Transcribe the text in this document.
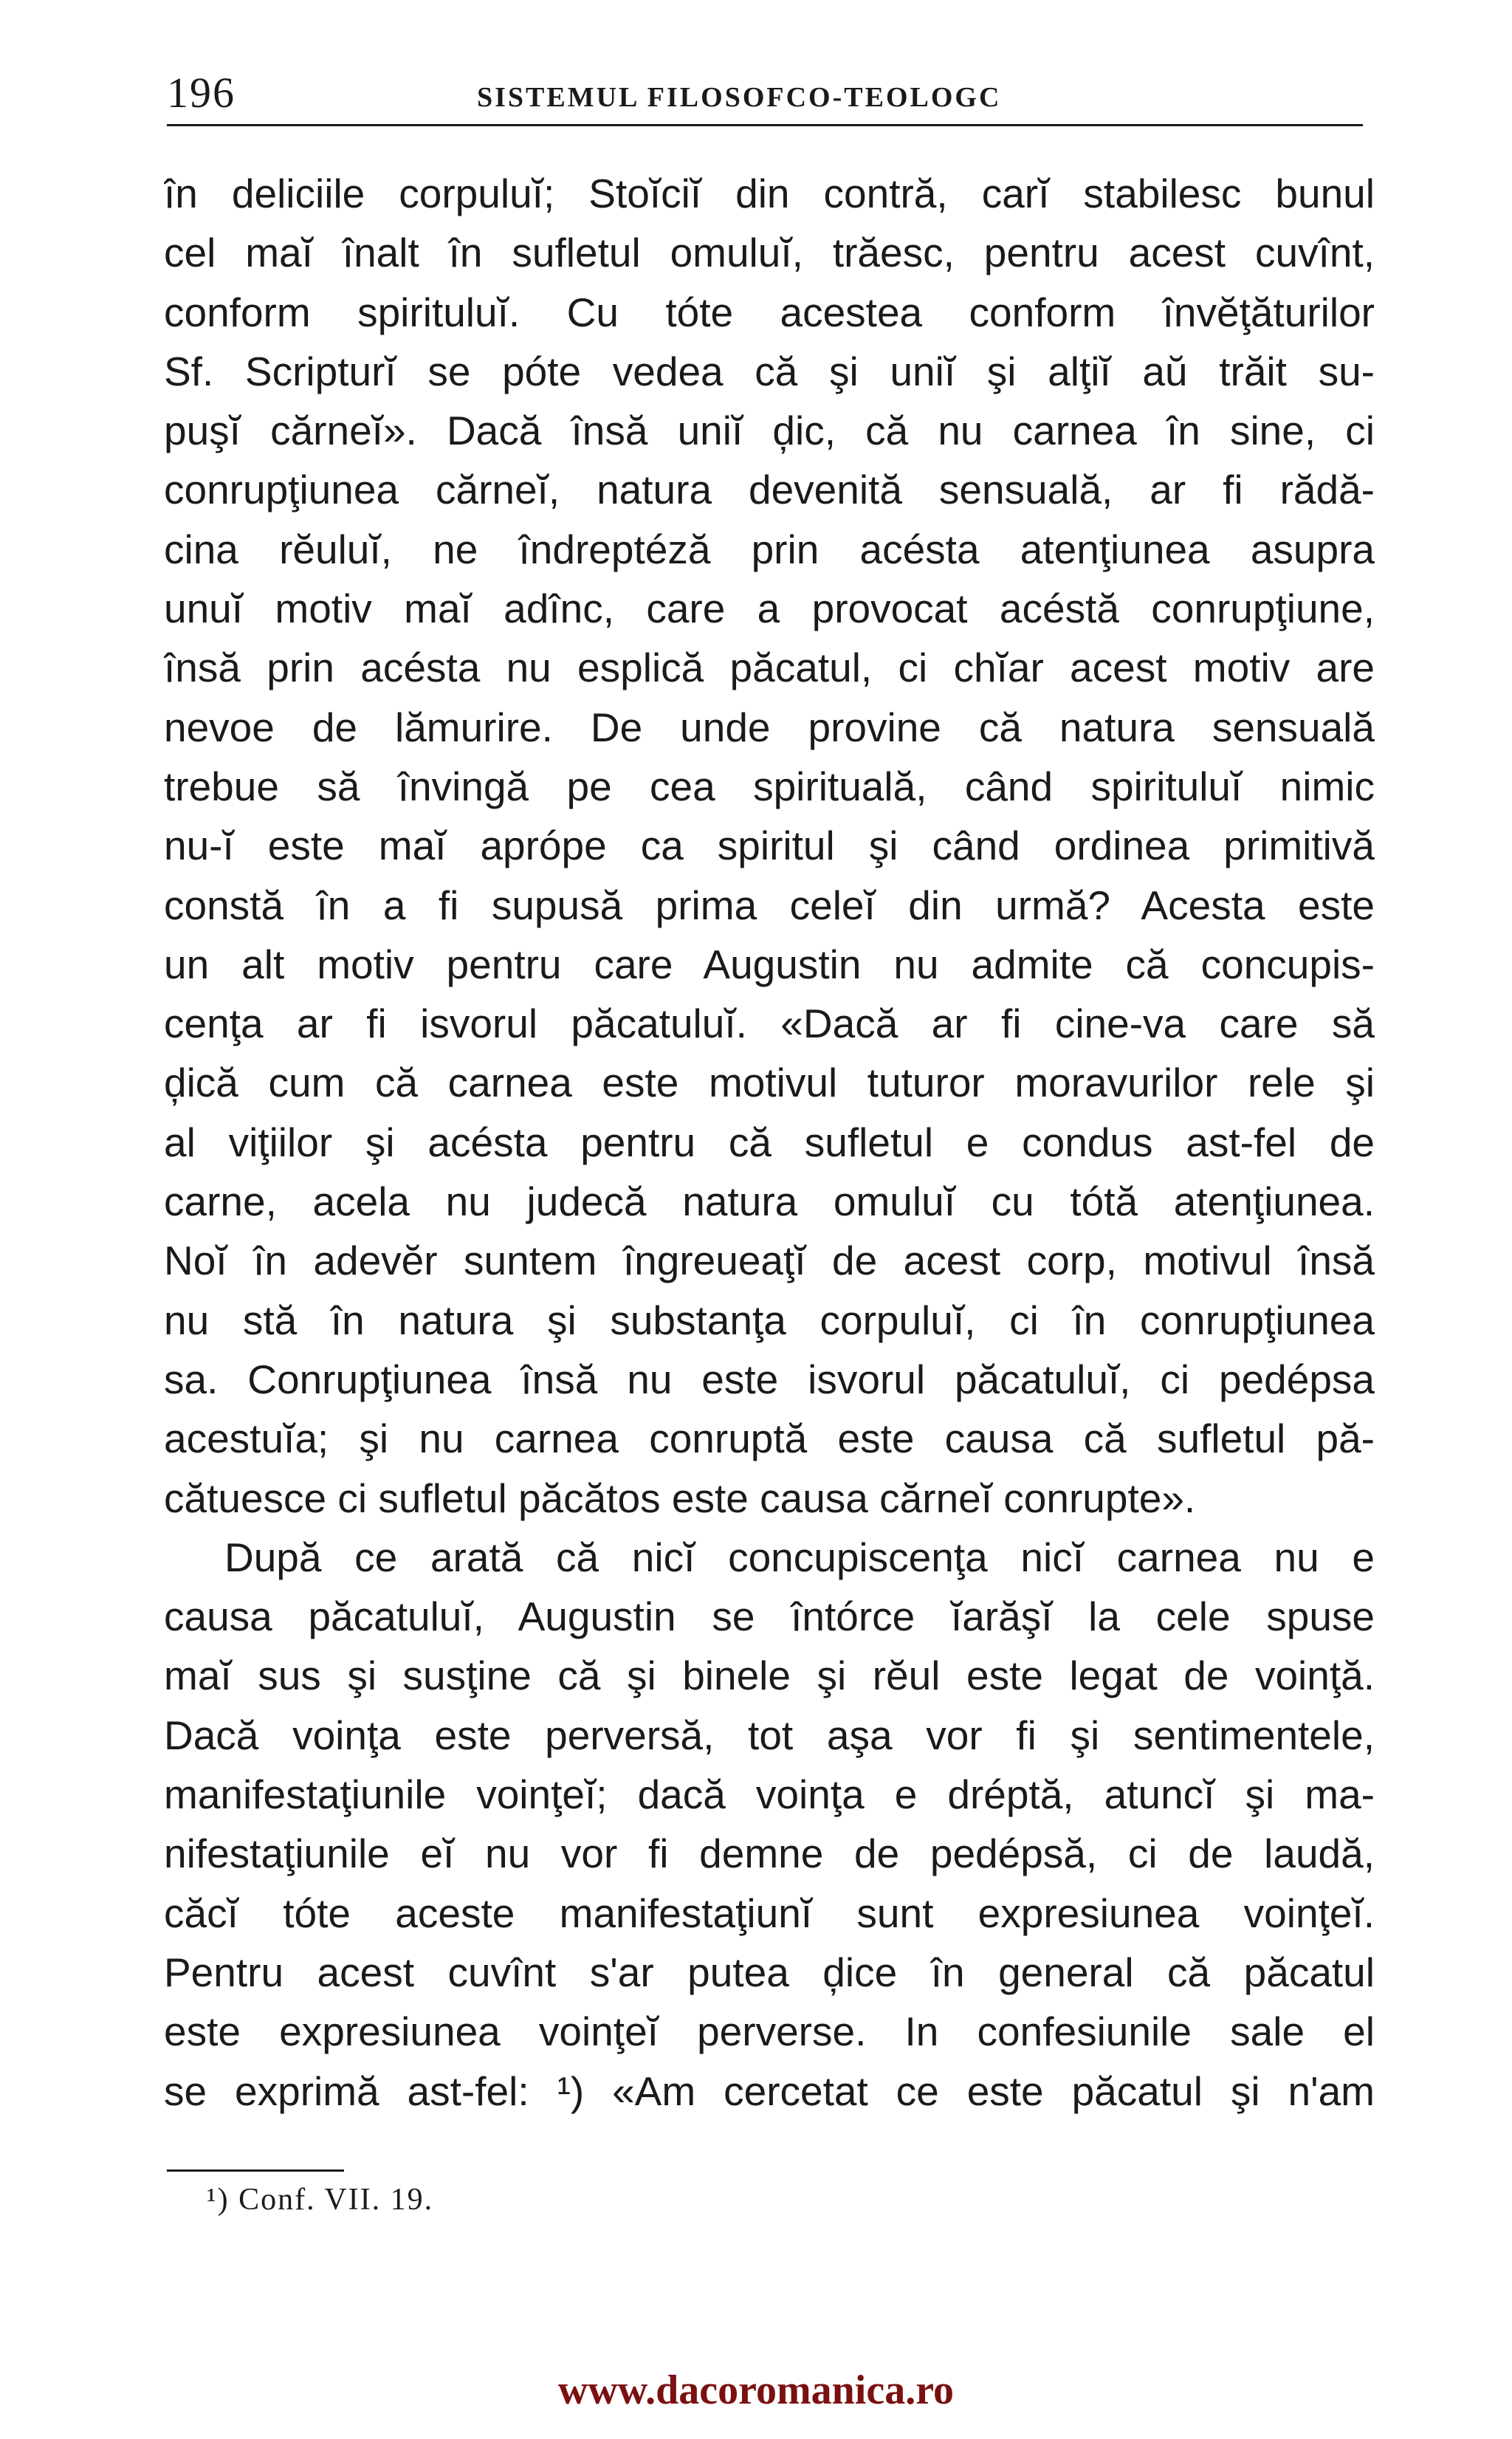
196	SISTEMUL FILOSOFCO-TEOLOGC
în deliciile corpuluĭ; Stoĭciĭ din contră, carĭ stabilesc bunul
cel maĭ înalt în sufletul omuluĭ, trăesc, pentru acest cuvînt,
conform spirituluĭ. Cu tóte acestea conform învĕţăturilor
Sf. Scripturĭ se póte vedea că şi uniĭ şi alţiĭ aŭ trăit su-
puşĭ cărneĭ». Dacă însă uniĭ ḑic, că nu carnea în sine, ci
conrupţiunea cărneĭ, natura devenită sensuală, ar fi rădă-
cina rĕuluĭ, ne îndreptéză prin acésta atenţiunea asupra
unuĭ motiv maĭ adînc, care a provocat acéstă conrupţiune,
însă prin acésta nu esplică păcatul, ci chĭar acest motiv are
nevoe de lămurire. De unde provine că natura sensuală
trebue să învingă pe cea spirituală, când spirituluĭ nimic
nu-ĭ este maĭ aprópe ca spiritul şi când ordinea primitivă
constă în a fi supusă prima celeĭ din urmă? Acesta este
un alt motiv pentru care Augustin nu admite că concupis-
cenţa ar fi isvorul păcatuluĭ. «Dacă ar fi cine-va care să
ḑică cum că carnea este motivul tuturor moravurilor rele şi
al viţiilor şi acésta pentru că sufletul e condus ast-fel de
carne, acela nu judecă natura omuluĭ cu tótă atenţiunea.
Noĭ în adevĕr suntem îngreueaţĭ de acest corp, motivul însă
nu stă în natura şi substanţa corpuluĭ, ci în conrupţiunea
sa. Conrupţiunea însă nu este isvorul păcatuluĭ, ci pedépsa
acestuĭa; şi nu carnea conruptă este causa că sufletul pă-
cătuesce ci sufletul păcătos este causa cărneĭ conrupte».
După ce arată că nicĭ concupiscenţa nicĭ carnea nu e
causa păcatuluĭ, Augustin se întórce ĭarăşĭ la cele spuse
maĭ sus şi susţine că şi binele şi rĕul este legat de voinţă.
Dacă voinţa este perversă, tot aşa vor fi şi sentimentele,
manifestaţiunile voinţeĭ; dacă voinţa e dréptă, atuncĭ şi ma-
nifestaţiunile eĭ nu vor fi demne de pedépsă, ci de laudă,
căcĭ tóte aceste manifestaţiunĭ sunt expresiunea voinţeĭ.
Pentru acest cuvînt s'ar putea ḑice în general că păcatul
este expresiunea voinţeĭ perverse. In confesiunile sale el
se exprimă ast-fel: ¹) «Am cercetat ce este păcatul şi n'am
¹) Conf. VII. 19.
www.dacoromanica.ro
